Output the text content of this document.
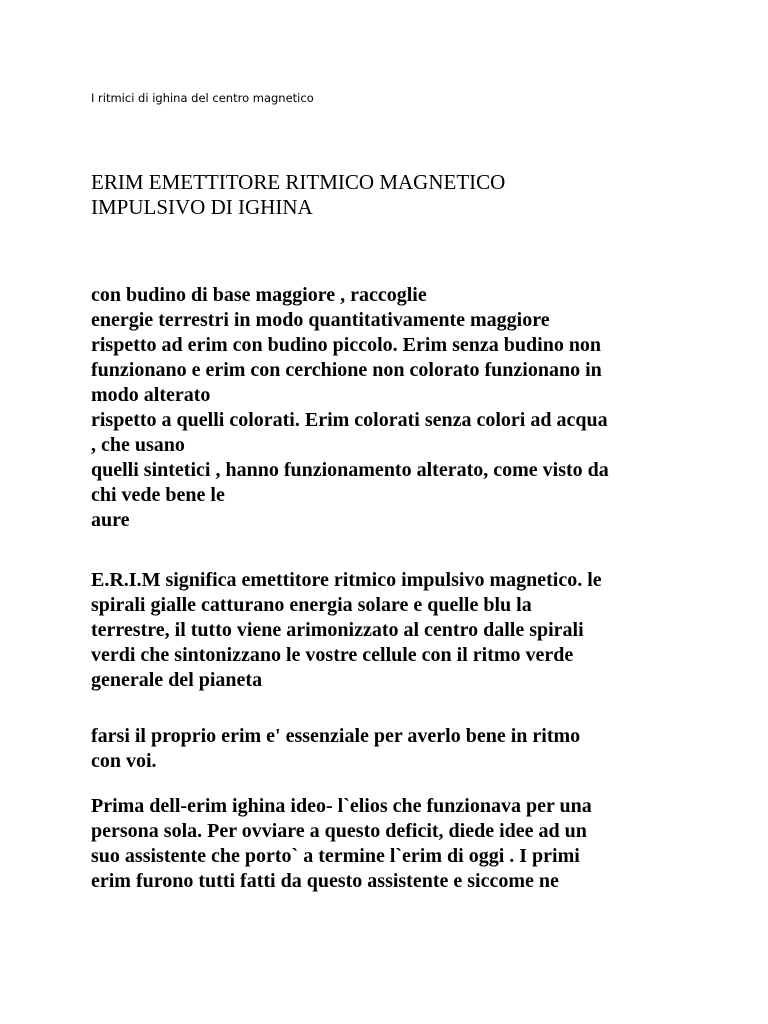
I ritmici di ighina del centro magnetico
ERIM EMETTITORE RITMICO MAGNETICO
IMPULSIVO DI IGHINA
con budino di base maggiore , raccoglie
energie terrestri in modo quantitativamente maggiore
rispetto ad erim con budino piccolo. Erim senza budino non
funzionano e erim con cerchione non colorato funzionano in
modo alterato
rispetto a quelli colorati. Erim colorati senza colori ad acqua
, che usano
quelli sintetici , hanno funzionamento alterato, come visto da
chi vede bene le
aure
E.R.I.M significa emettitore ritmico impulsivo magnetico. le
spirali gialle catturano energia solare e quelle blu la
terrestre, il tutto viene arimonizzato al centro dalle spirali
verdi che sintonizzano le vostre cellule con il ritmo verde
generale del pianeta
farsi il proprio erim e' essenziale per averlo bene in ritmo
con voi.
Prima dell-erim ighina ideo- l`elios che funzionava per una
persona sola. Per ovviare a questo deficit, diede idee ad un
suo assistente che porto` a termine l`erim di oggi . I primi
erim furono tutti fatti da questo assistente e siccome ne
